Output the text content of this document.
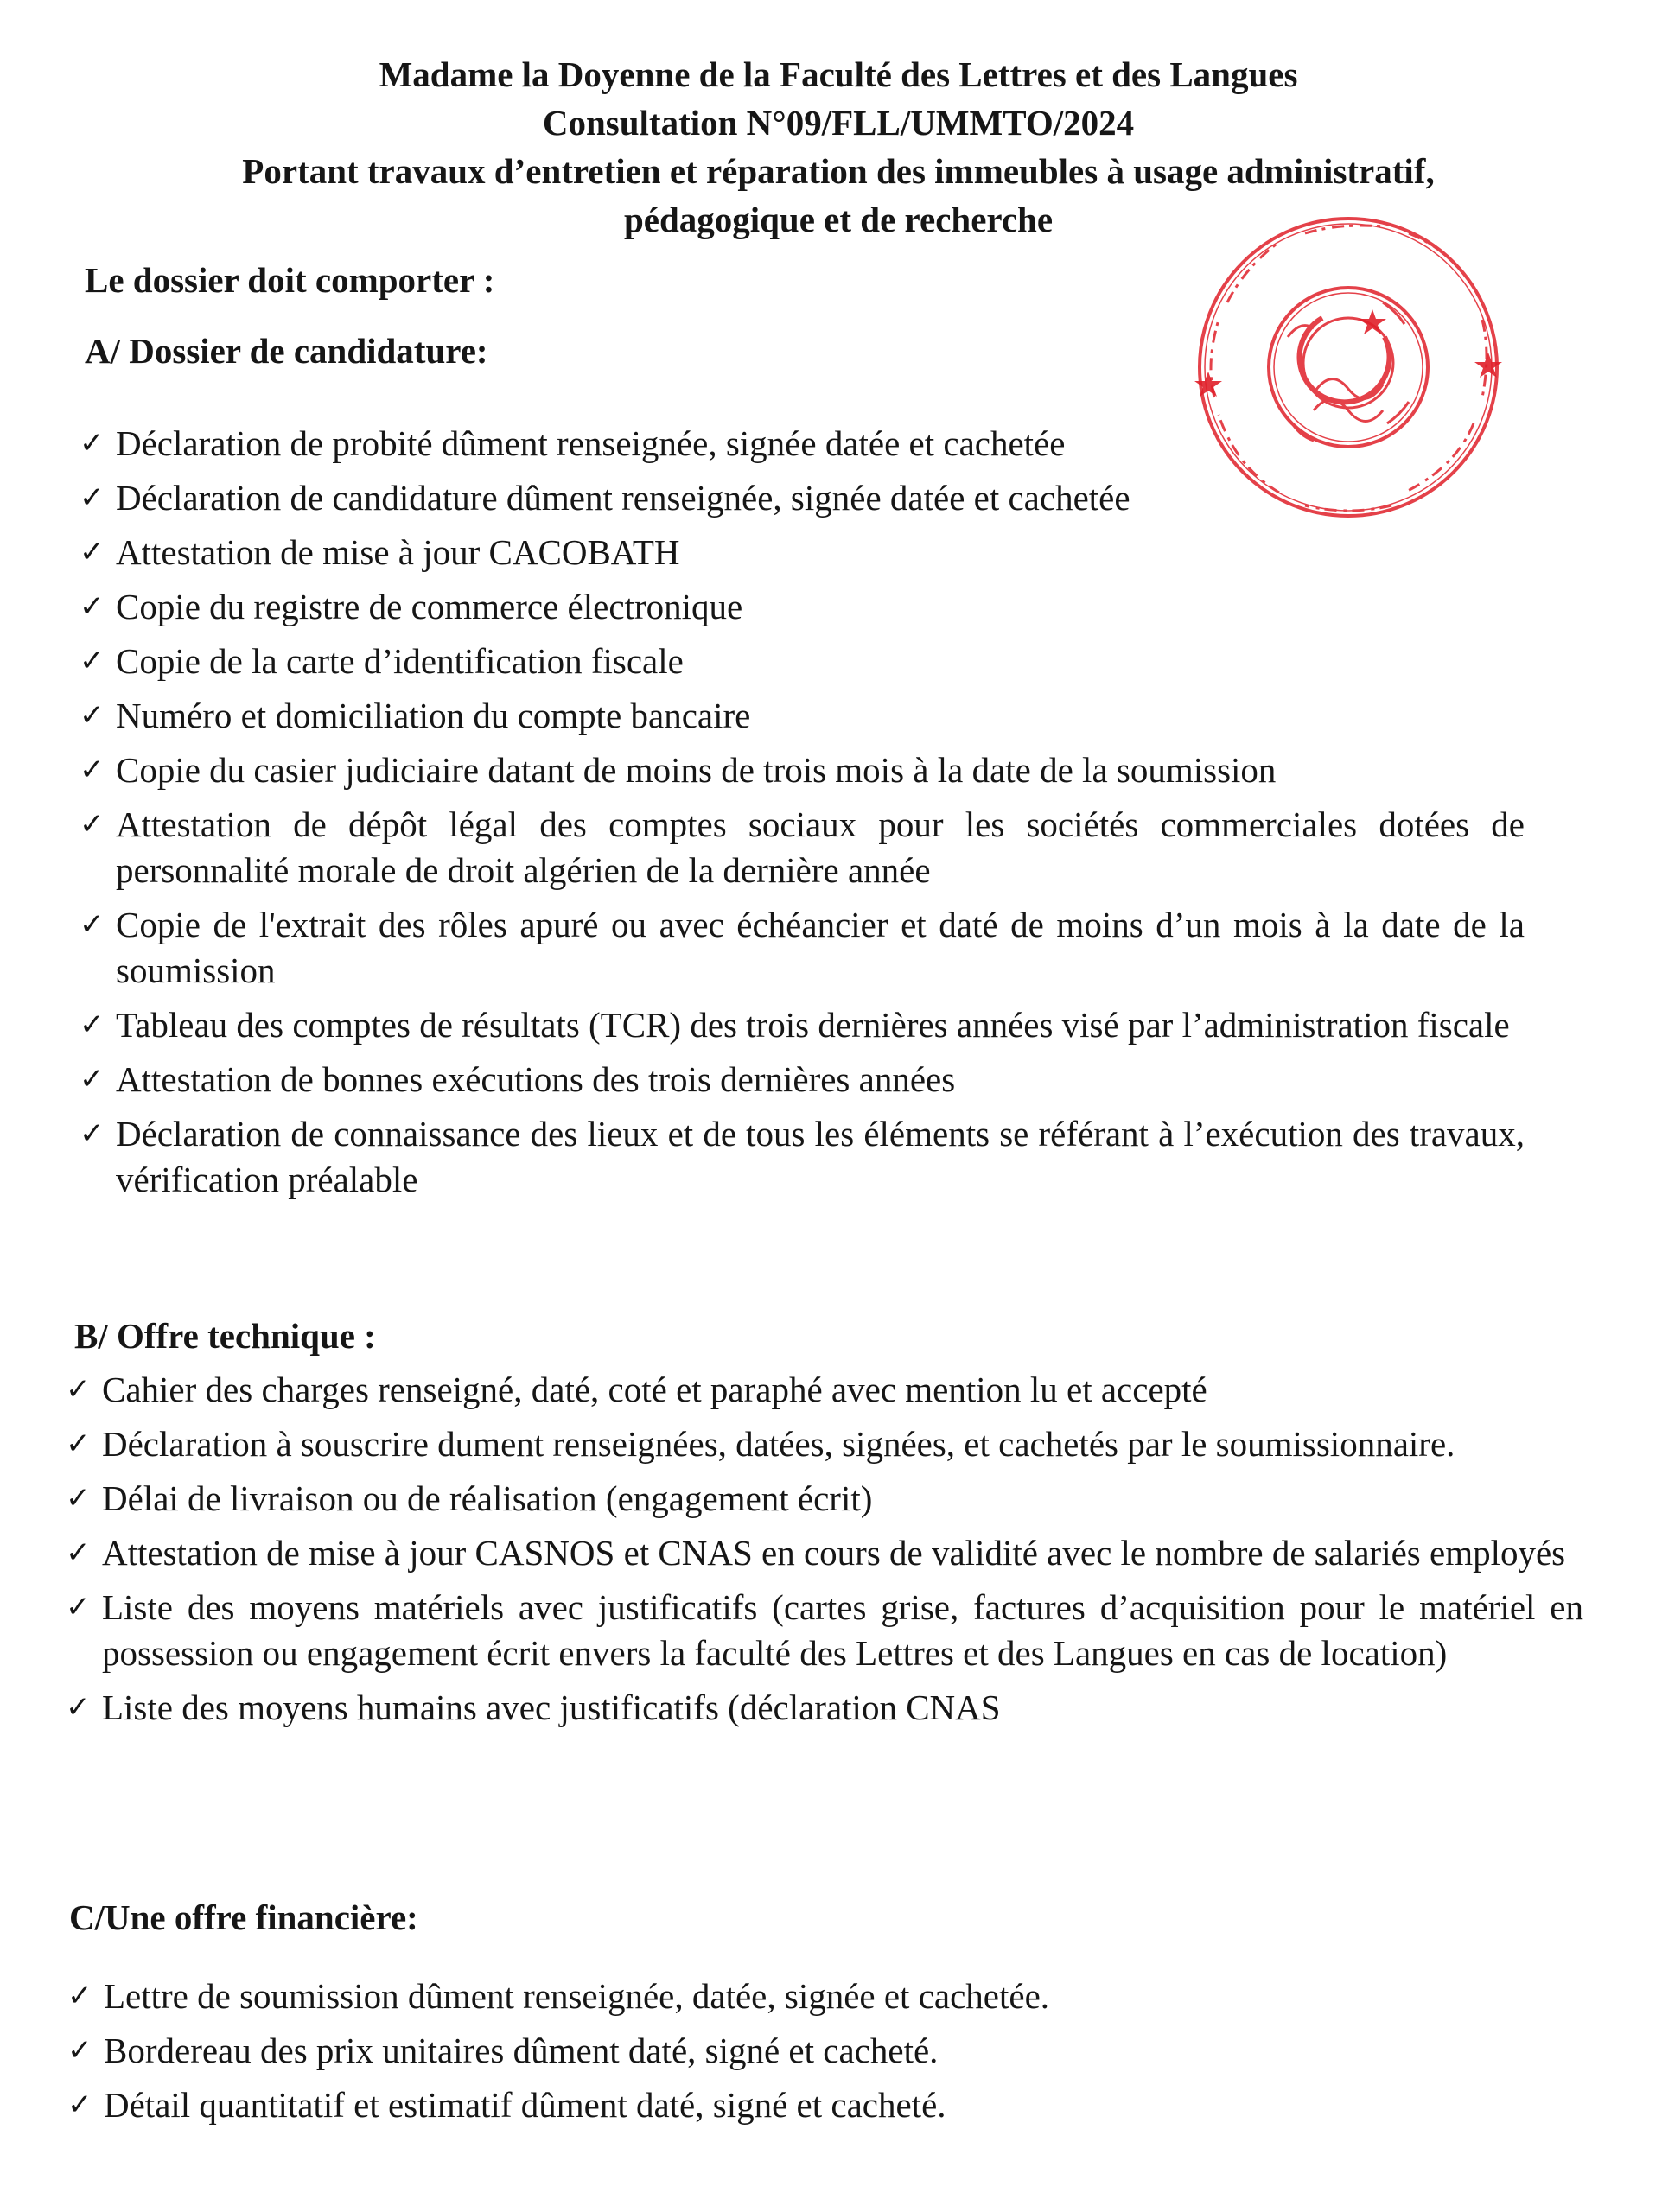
Madame la Doyenne de la Faculté des Lettres et des Langues
Consultation N°09/FLL/UMMTO/2024
Portant travaux d’entretien et réparation des immeubles à usage administratif,
pédagogique et de recherche
Le dossier doit comporter :
A/ Dossier de candidature:
✓ Déclaration de probité dûment renseignée, signée datée et cachetée
✓ Déclaration de candidature dûment renseignée, signée datée et cachetée
✓ Attestation de mise à jour CACOBATH
✓ Copie du registre de commerce électronique
✓ Copie de la carte d’identification fiscale
✓ Numéro et domiciliation du compte bancaire
✓ Copie du casier judiciaire datant de moins de trois mois à la date de la soumission
✓ Attestation de dépôt légal des comptes sociaux pour les sociétés commerciales dotées de personnalité morale de droit algérien de la dernière année
✓ Copie de l'extrait des rôles apuré ou avec échéancier et daté de moins d’un mois à la date de la soumission
✓ Tableau des comptes de résultats (TCR) des trois dernières années visé par l’administration fiscale
✓ Attestation de bonnes exécutions des trois dernières années
✓ Déclaration de connaissance des lieux et de tous les éléments se référant à l’exécution des travaux, vérification préalable
B/ Offre technique :
✓ Cahier des charges renseigné, daté, coté et paraphé avec mention lu et accepté
✓ Déclaration à souscrire dument renseignées, datées, signées, et cachetés par le soumissionnaire.
✓ Délai de livraison ou de réalisation (engagement écrit)
✓ Attestation de mise à jour CASNOS et CNAS en cours de validité avec le nombre de salariés employés
✓ Liste des moyens matériels avec justificatifs (cartes grise, factures d’acquisition pour le matériel en possession ou engagement écrit envers la faculté des Lettres et des Langues en cas de location)
✓ Liste des moyens humains avec justificatifs (déclaration CNAS
C/Une offre financière:
✓ Lettre de soumission dûment renseignée, datée, signée et cachetée.
✓ Bordereau des prix unitaires dûment daté, signé et cacheté.
✓ Détail quantitatif et estimatif dûment daté, signé et cacheté.
